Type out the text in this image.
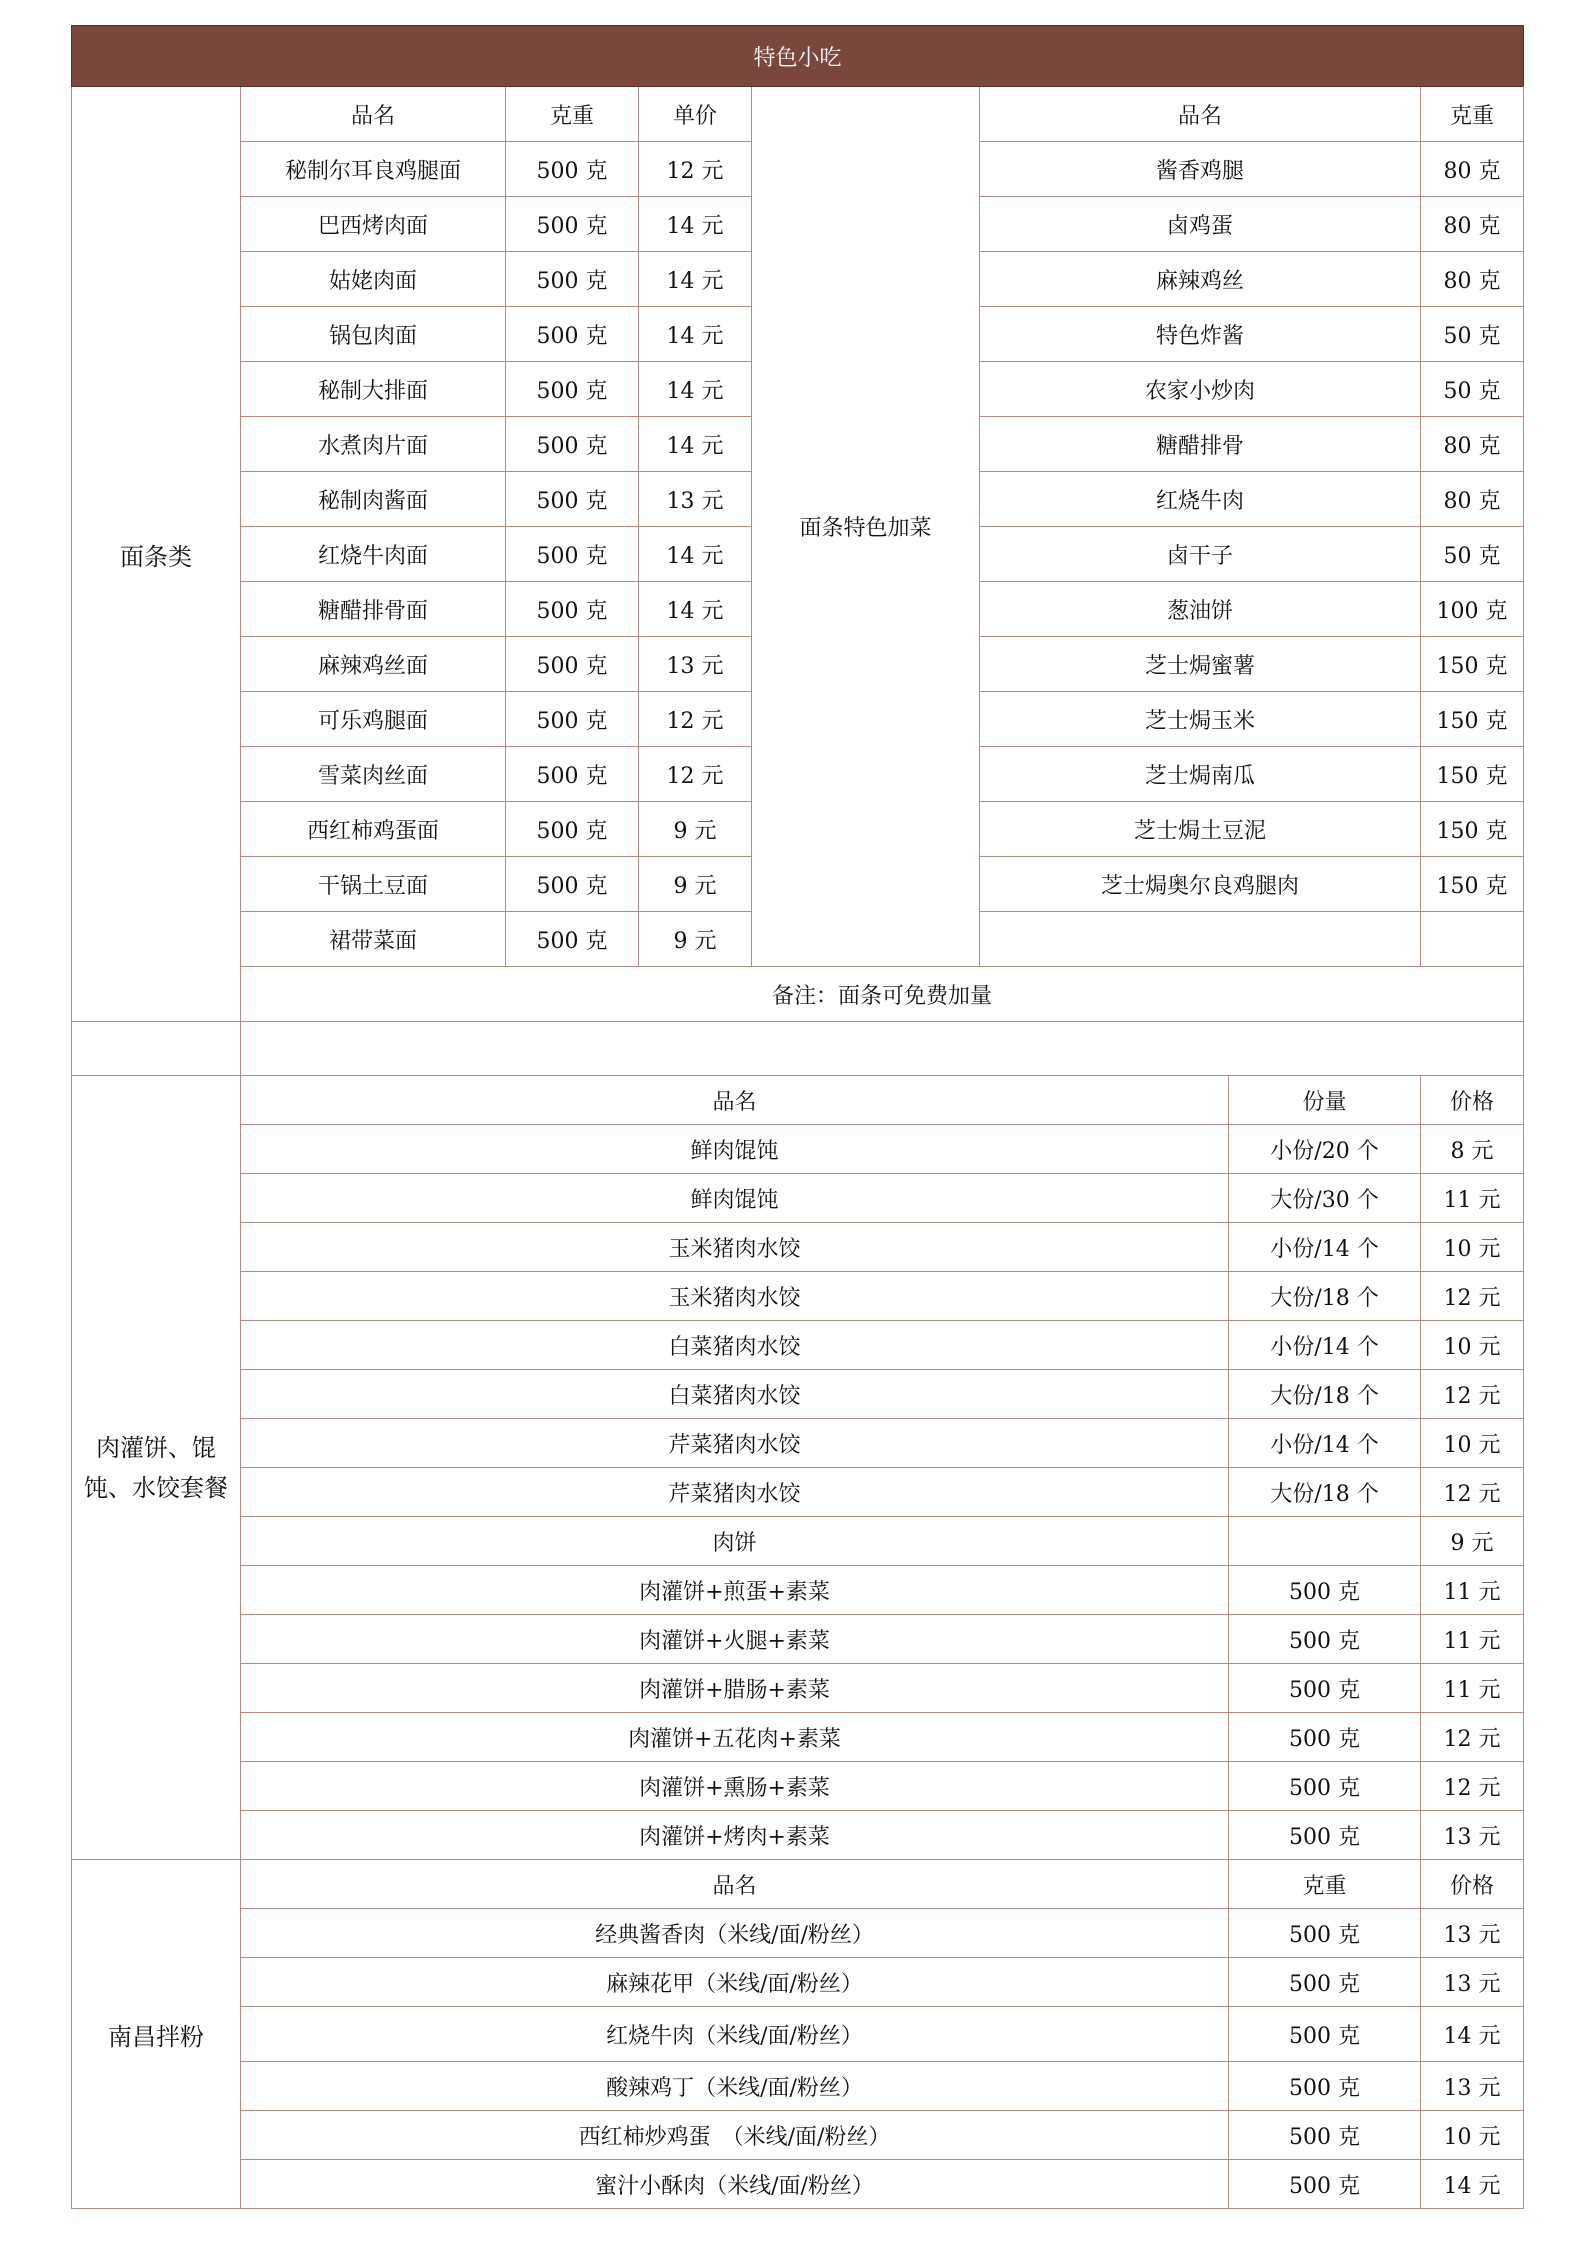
特色小吃								
面条类	品名	克重	单价	面条特色加菜	品名		克重	
	秘制尔耳良鸡腿面	500 克	12 元		酱香鸡腿		80 克	
	巴西烤肉面	500 克	14 元		卤鸡蛋		80 克	
	姑姥肉面	500 克	14 元		麻辣鸡丝		80 克	
	锅包肉面	500 克	14 元		特色炸酱		50 克	
	秘制大排面	500 克	14 元		农家小炒肉		50 克	
	水煮肉片面	500 克	14 元		糖醋排骨		80 克	
	秘制肉酱面	500 克	13 元		红烧牛肉		80 克	
	红烧牛肉面	500 克	14 元		卤干子		50 克	
	糖醋排骨面	500 克	14 元		葱油饼		100 克	
	麻辣鸡丝面	500 克	13 元		芝士焗蜜薯		150 克	
	可乐鸡腿面	500 克	12 元		芝士焗玉米		150 克	
	雪菜肉丝面	500 克	12 元		芝士焗南瓜		150 克	
	西红柿鸡蛋面	500 克	9 元		芝士焗土豆泥		150 克	
	干锅土豆面	500 克	9 元		芝士焗奥尔良鸡腿肉		150 克	
	裙带菜面	500 克	9 元					
	备注：面条可免费加量							

肉灌饼、馄饨、水饺套餐	品名					份量	价格	
	鲜肉馄饨					小份/20 个	8 元	
	鲜肉馄饨					大份/30 个	11 元	
	玉米猪肉水饺					小份/14 个	10 元	
	玉米猪肉水饺					大份/18 个	12 元	
	白菜猪肉水饺					小份/14 个	10 元	
	白菜猪肉水饺					大份/18 个	12 元	
	芹菜猪肉水饺					小份/14 个	10 元	
	芹菜猪肉水饺					大份/18 个	12 元	
	肉饼						9 元	
	肉灌饼+煎蛋+素菜					500 克	11 元	
	肉灌饼+火腿+素菜					500 克	11 元	
	肉灌饼+腊肠+素菜					500 克	11 元	
	肉灌饼+五花肉+素菜					500 克	12 元	
	肉灌饼+熏肠+素菜					500 克	12 元	
	肉灌饼+烤肉+素菜					500 克	13 元	
南昌拌粉	品名					克重	价格	
	经典酱香肉（米线/面/粉丝）					500 克	13 元	
	麻辣花甲（米线/面/粉丝）					500 克	13 元	
	红烧牛肉（米线/面/粉丝）					500 克	14 元	
	酸辣鸡丁（米线/面/粉丝）					500 克	13 元	
	西红柿炒鸡蛋　（米线/面/粉丝）					500 克	10 元	
	蜜汁小酥肉（米线/面/粉丝）					500 克	14 元	
